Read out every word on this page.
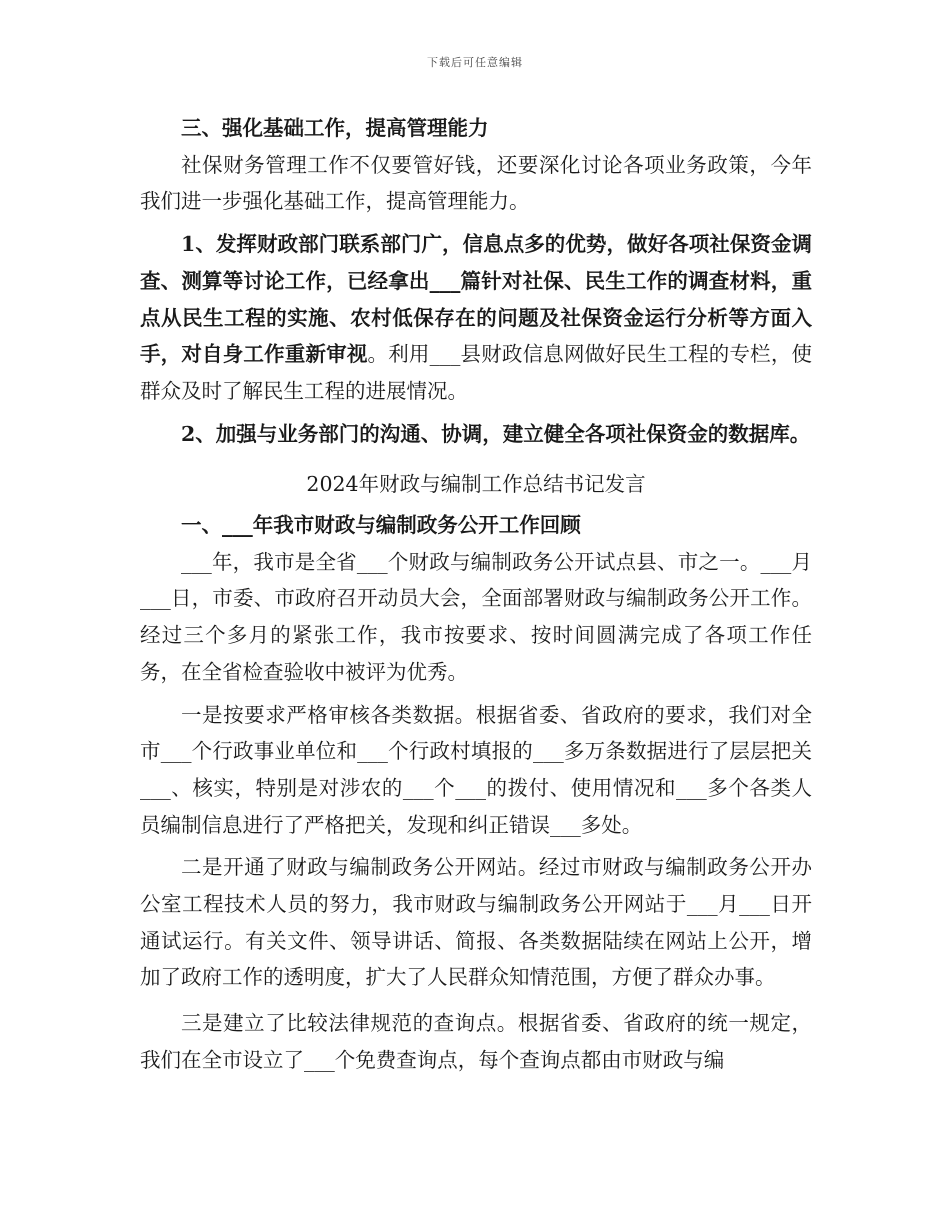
下载后可任意编辑

三、强化基础工作，提高管理能力

社保财务管理工作不仅要管好钱，还要深化讨论各项业务政策，今年我们进一步强化基础工作，提高管理能力。

1、发挥财政部门联系部门广，信息点多的优势，做好各项社保资金调查、测算等讨论工作，已经拿出___篇针对社保、民生工作的调查材料，重点从民生工程的实施、农村低保存在的问题及社保资金运行分析等方面入手，对自身工作重新审视。利用___县财政信息网做好民生工程的专栏，使群众及时了解民生工程的进展情况。

2、加强与业务部门的沟通、协调，建立健全各项社保资金的数据库。

2024年财政与编制工作总结书记发言

一、___年我市财政与编制政务公开工作回顾

___年，我市是全省___个财政与编制政务公开试点县、市之一。___月___日，市委、市政府召开动员大会，全面部署财政与编制政务公开工作。经过三个多月的紧张工作，我市按要求、按时间圆满完成了各项工作任务，在全省检查验收中被评为优秀。

一是按要求严格审核各类数据。根据省委、省政府的要求，我们对全市___个行政事业单位和___个行政村填报的___多万条数据进行了层层把关___、核实，特别是对涉农的___个___的拨付、使用情况和___多个各类人员编制信息进行了严格把关，发现和纠正错误___多处。

二是开通了财政与编制政务公开网站。经过市财政与编制政务公开办公室工程技术人员的努力，我市财政与编制政务公开网站于___月___日开通试运行。有关文件、领导讲话、简报、各类数据陆续在网站上公开，增加了政府工作的透明度，扩大了人民群众知情范围，方便了群众办事。

三是建立了比较法律规范的查询点。根据省委、省政府的统一规定，我们在全市设立了___个免费查询点，每个查询点都由市财政与编
